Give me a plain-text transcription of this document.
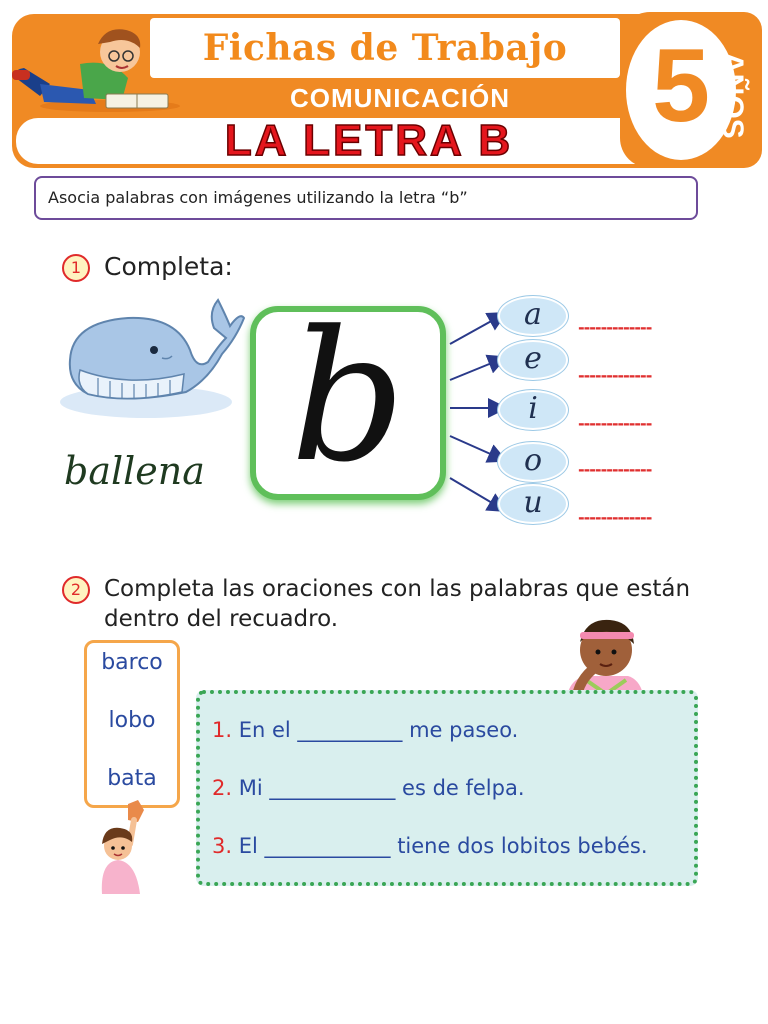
Fichas de Trabajo
COMUNICACIÓN
LA LETRA B	5 AÑOS
Asocia palabras con imágenes utilizando la letra “b”
1 Completa:
ballena b	a
e
i
o
u
-------------
-------------
-------------
-------------
-------------
2 Completa las oraciones con las palabras que están
dentro del recuadro.
barco
lobo
bata
1. En el __________ me paseo.
2. Mi ____________ es de felpa.
3. El ____________ tiene dos lobitos bebés.
